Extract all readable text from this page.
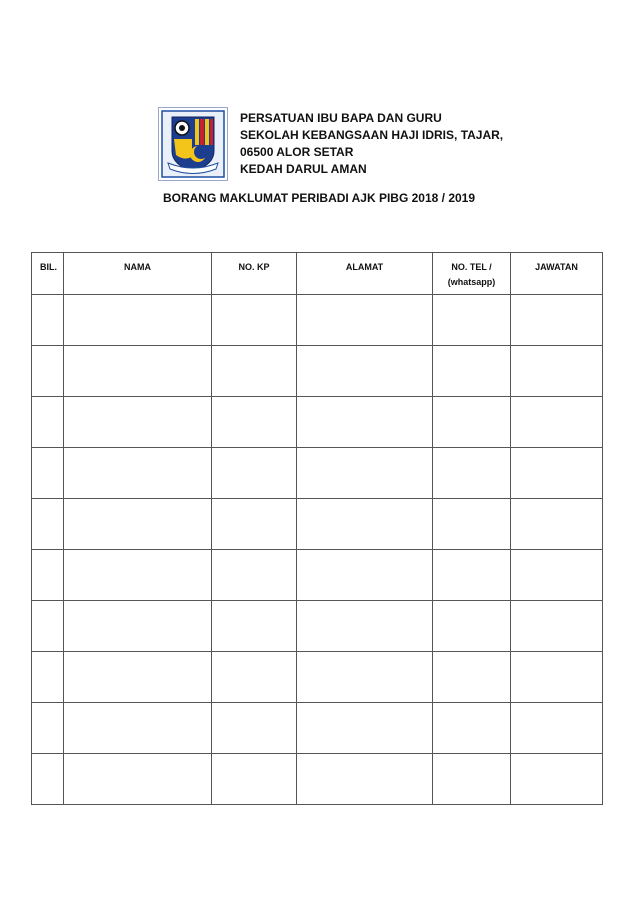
PERSATUAN IBU BAPA DAN GURU
SEKOLAH KEBANGSAAN HAJI IDRIS, TAJAR,
06500 ALOR SETAR
KEDAH DARUL AMAN
BORANG MAKLUMAT PERIBADI AJK PIBG 2018 / 2019
BIL.	NAMA	NO. KP	ALAMAT	NO. TEL /
(whatsapp)	JAWATAN
